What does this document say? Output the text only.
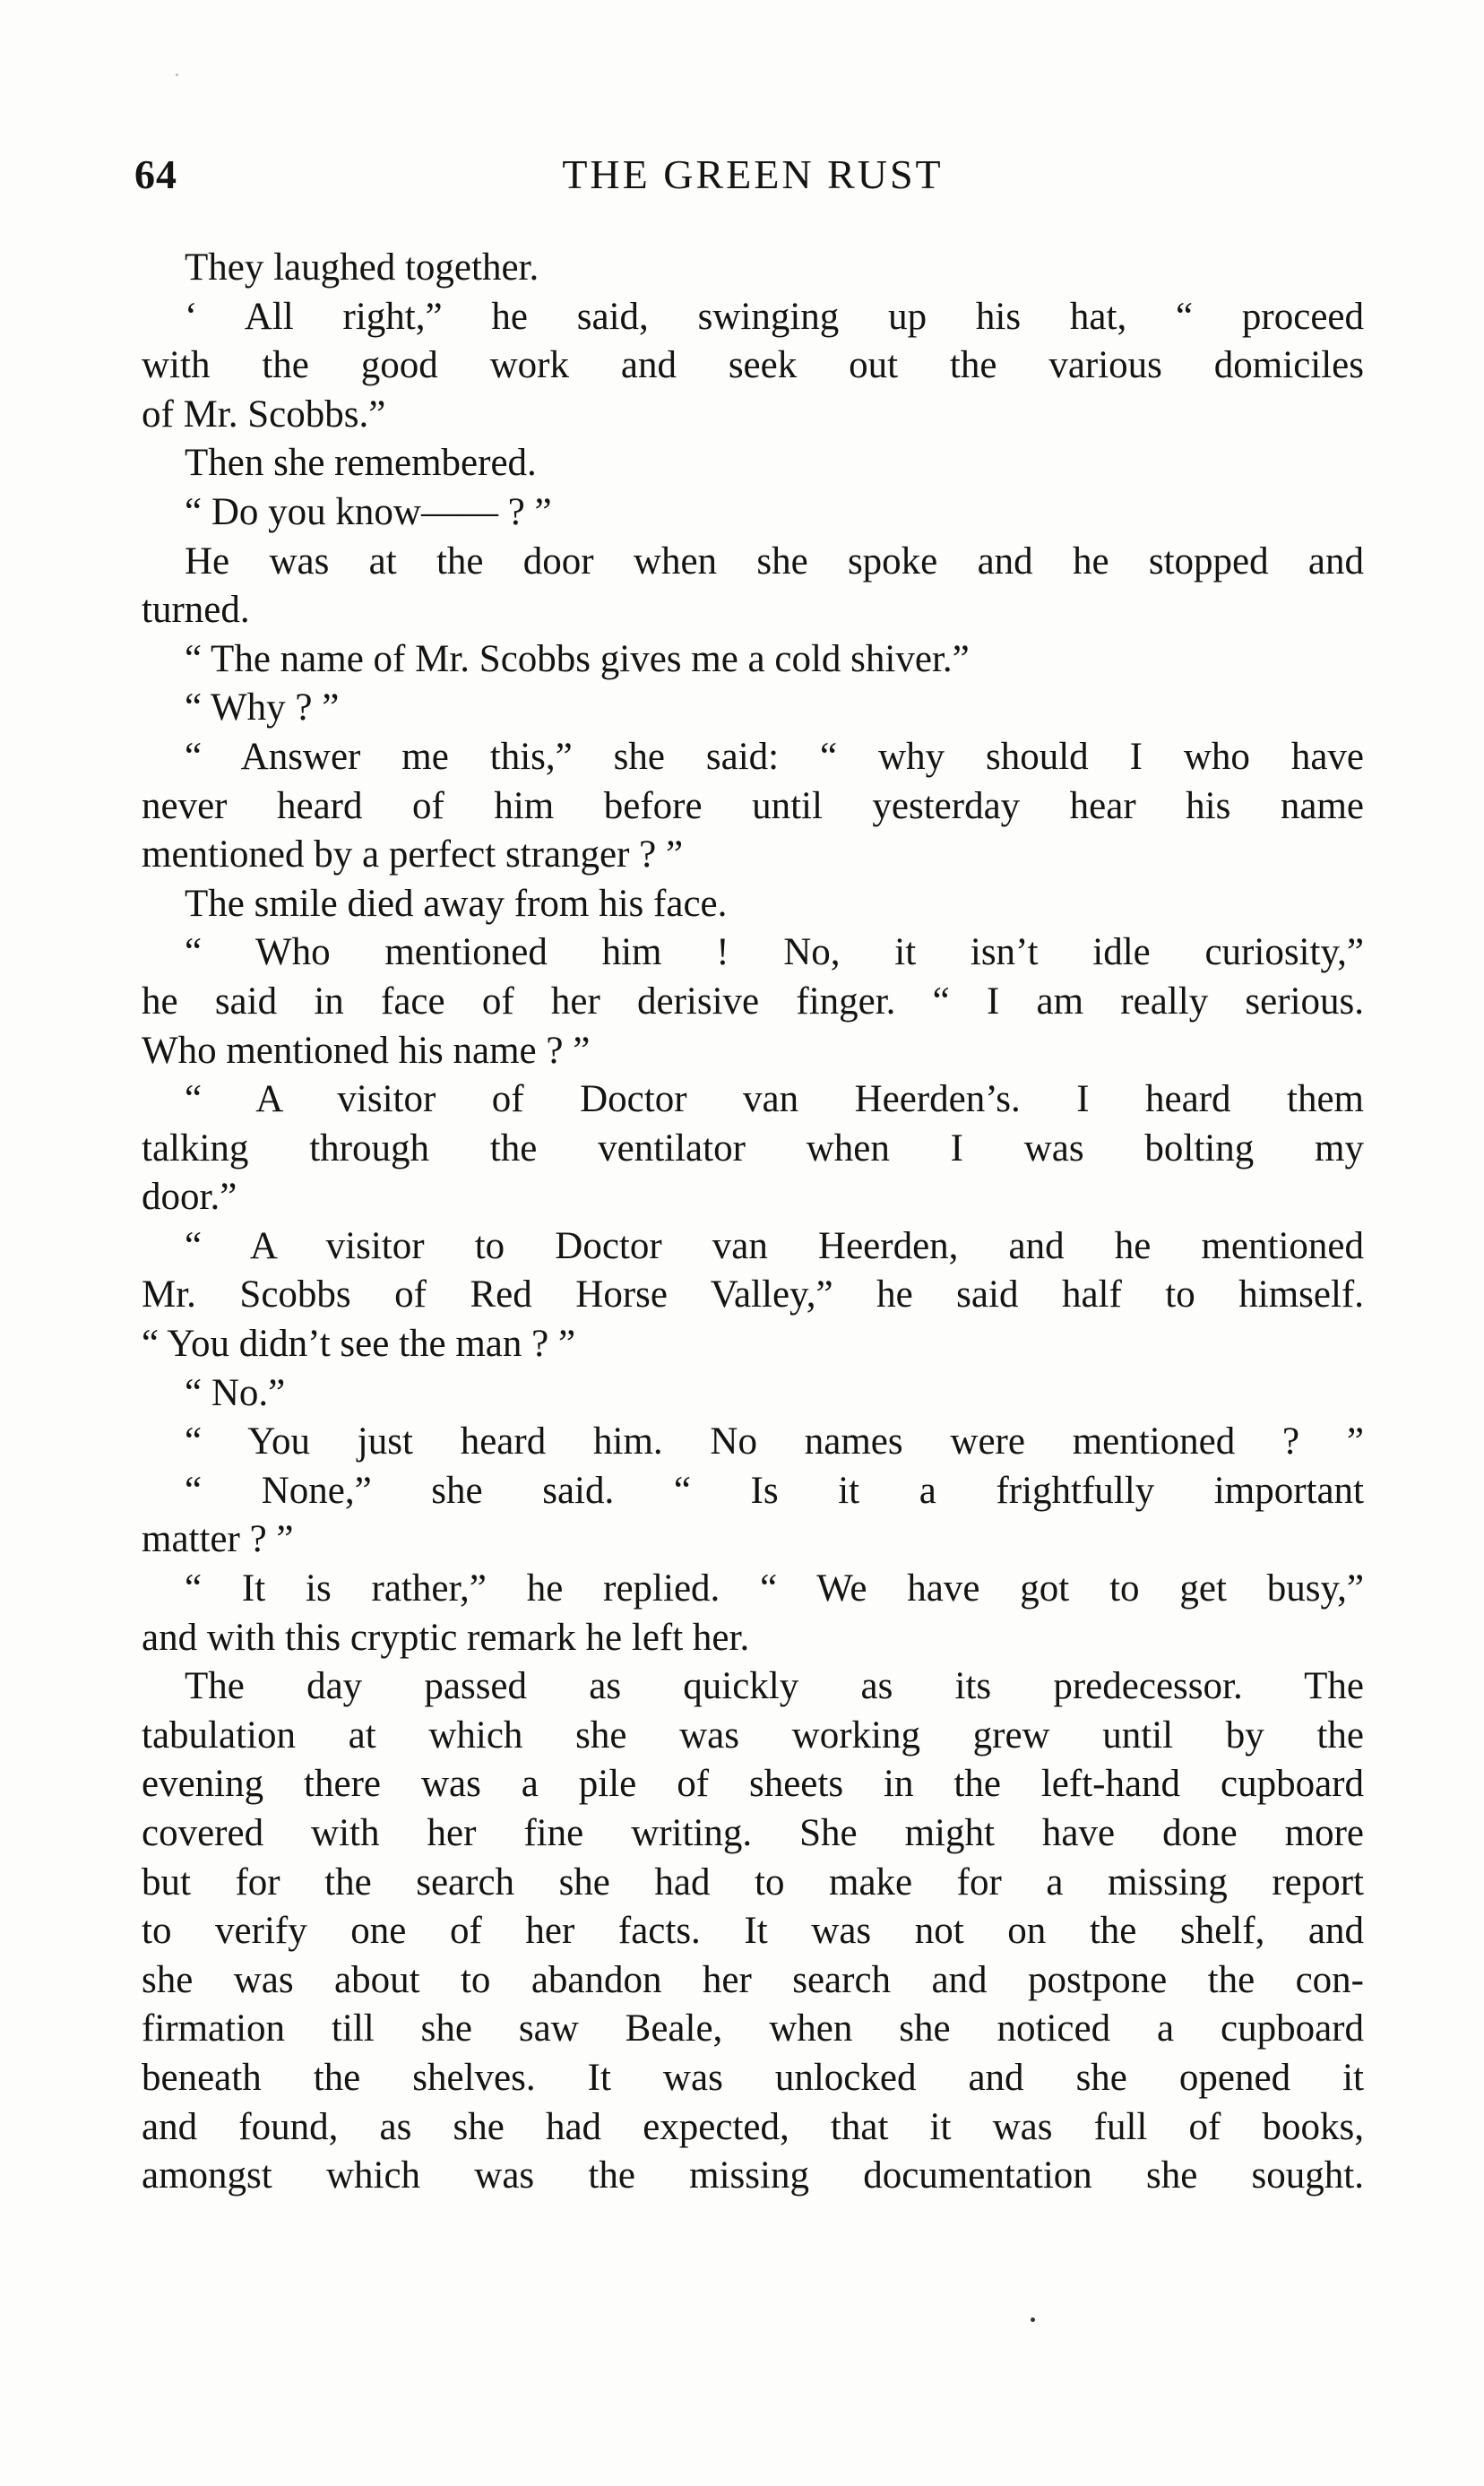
64	THE GREEN RUST
They laughed together.
‘ All right,” he said, swinging up his hat, “ proceed
with the good work and seek out the various domiciles
of Mr. Scobbs.”
Then she remembered.
“ Do you know—— ? ”
He was at the door when she spoke and he stopped and
turned.
“ The name of Mr. Scobbs gives me a cold shiver.”
“ Why ? ”
“ Answer me this,” she said: “ why should I who have
never heard of him before until yesterday hear his name
mentioned by a perfect stranger ? ”
The smile died away from his face.
“ Who mentioned him ! No, it isn’t idle curiosity,”
he said in face of her derisive finger. “ I am really serious.
Who mentioned his name ? ”
“ A visitor of Doctor van Heerden’s. I heard them
talking through the ventilator when I was bolting my
door.”
“ A visitor to Doctor van Heerden, and he mentioned
Mr. Scobbs of Red Horse Valley,” he said half to himself.
“ You didn’t see the man ? ”
“ No.”
“ You just heard him. No names were mentioned ? ”
“ None,” she said. “ Is it a frightfully important
matter ? ”
“ It is rather,” he replied. “ We have got to get busy,”
and with this cryptic remark he left her.
The day passed as quickly as its predecessor. The
tabulation at which she was working grew until by the
evening there was a pile of sheets in the left-hand cupboard
covered with her fine writing. She might have done more
but for the search she had to make for a missing report
to verify one of her facts. It was not on the shelf, and
she was about to abandon her search and postpone the con-
firmation till she saw Beale, when she noticed a cupboard
beneath the shelves. It was unlocked and she opened it
and found, as she had expected, that it was full of books,
amongst which was the missing documentation she sought.
